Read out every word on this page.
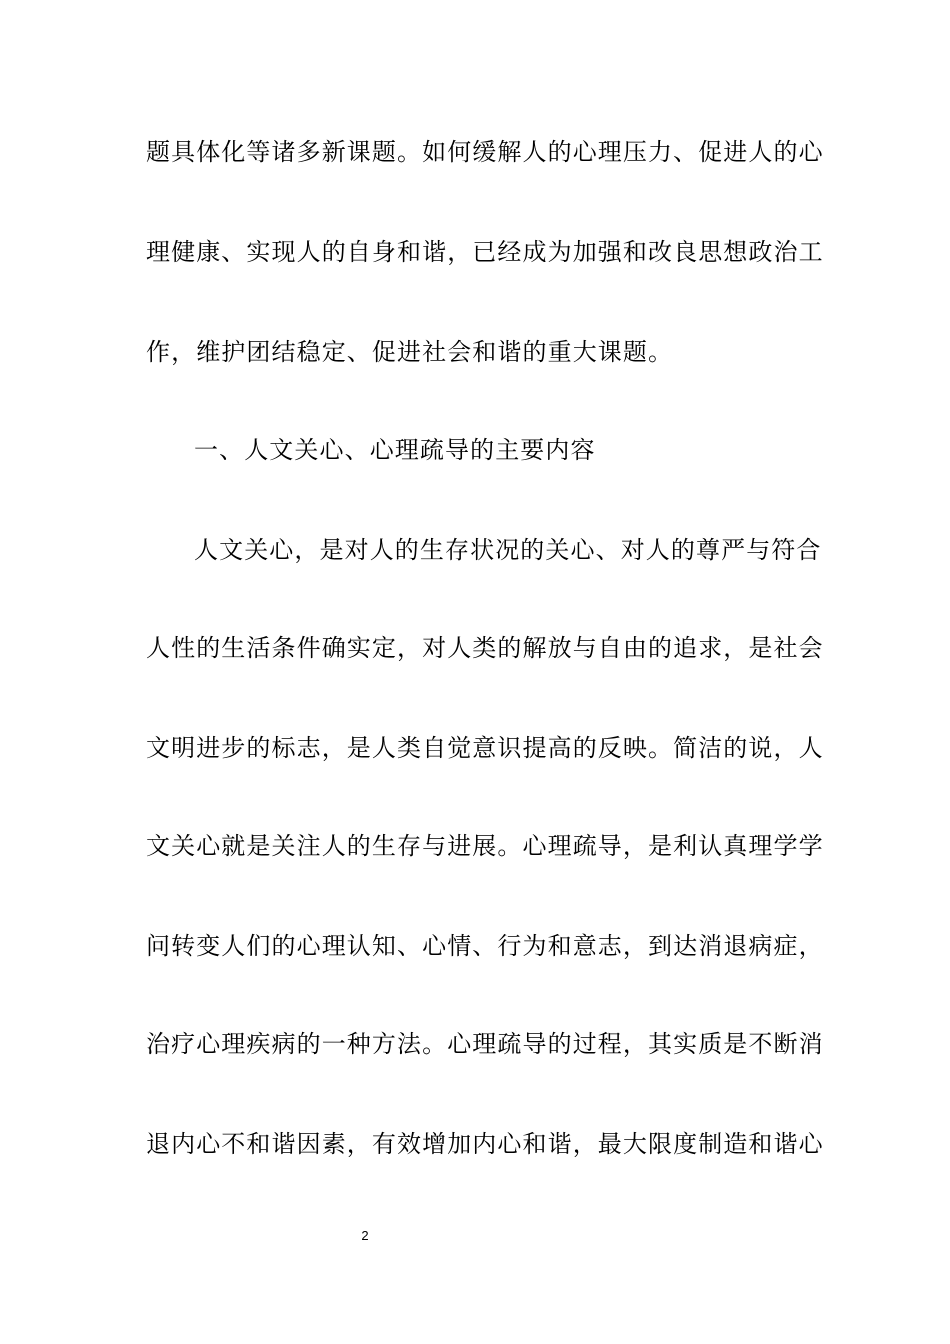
题具体化等诸多新课题。如何缓解人的心理压力、促进人的心
理健康、实现人的自身和谐，已经成为加强和改良思想政治工
作，维护团结稳定、促进社会和谐的重大课题。
一、人文关心、心理疏导的主要内容
人文关心，是对人的生存状况的关心、对人的尊严与符合
人性的生活条件确实定，对人类的解放与自由的追求，是社会
文明进步的标志，是人类自觉意识提高的反映。简洁的说，人
文关心就是关注人的生存与进展。心理疏导，是利认真理学学
问转变人们的心理认知、心情、行为和意志，到达消退病症，
治疗心理疾病的一种方法。心理疏导的过程，其实质是不断消
退内心不和谐因素，有效增加内心和谐，最大限度制造和谐心
2
